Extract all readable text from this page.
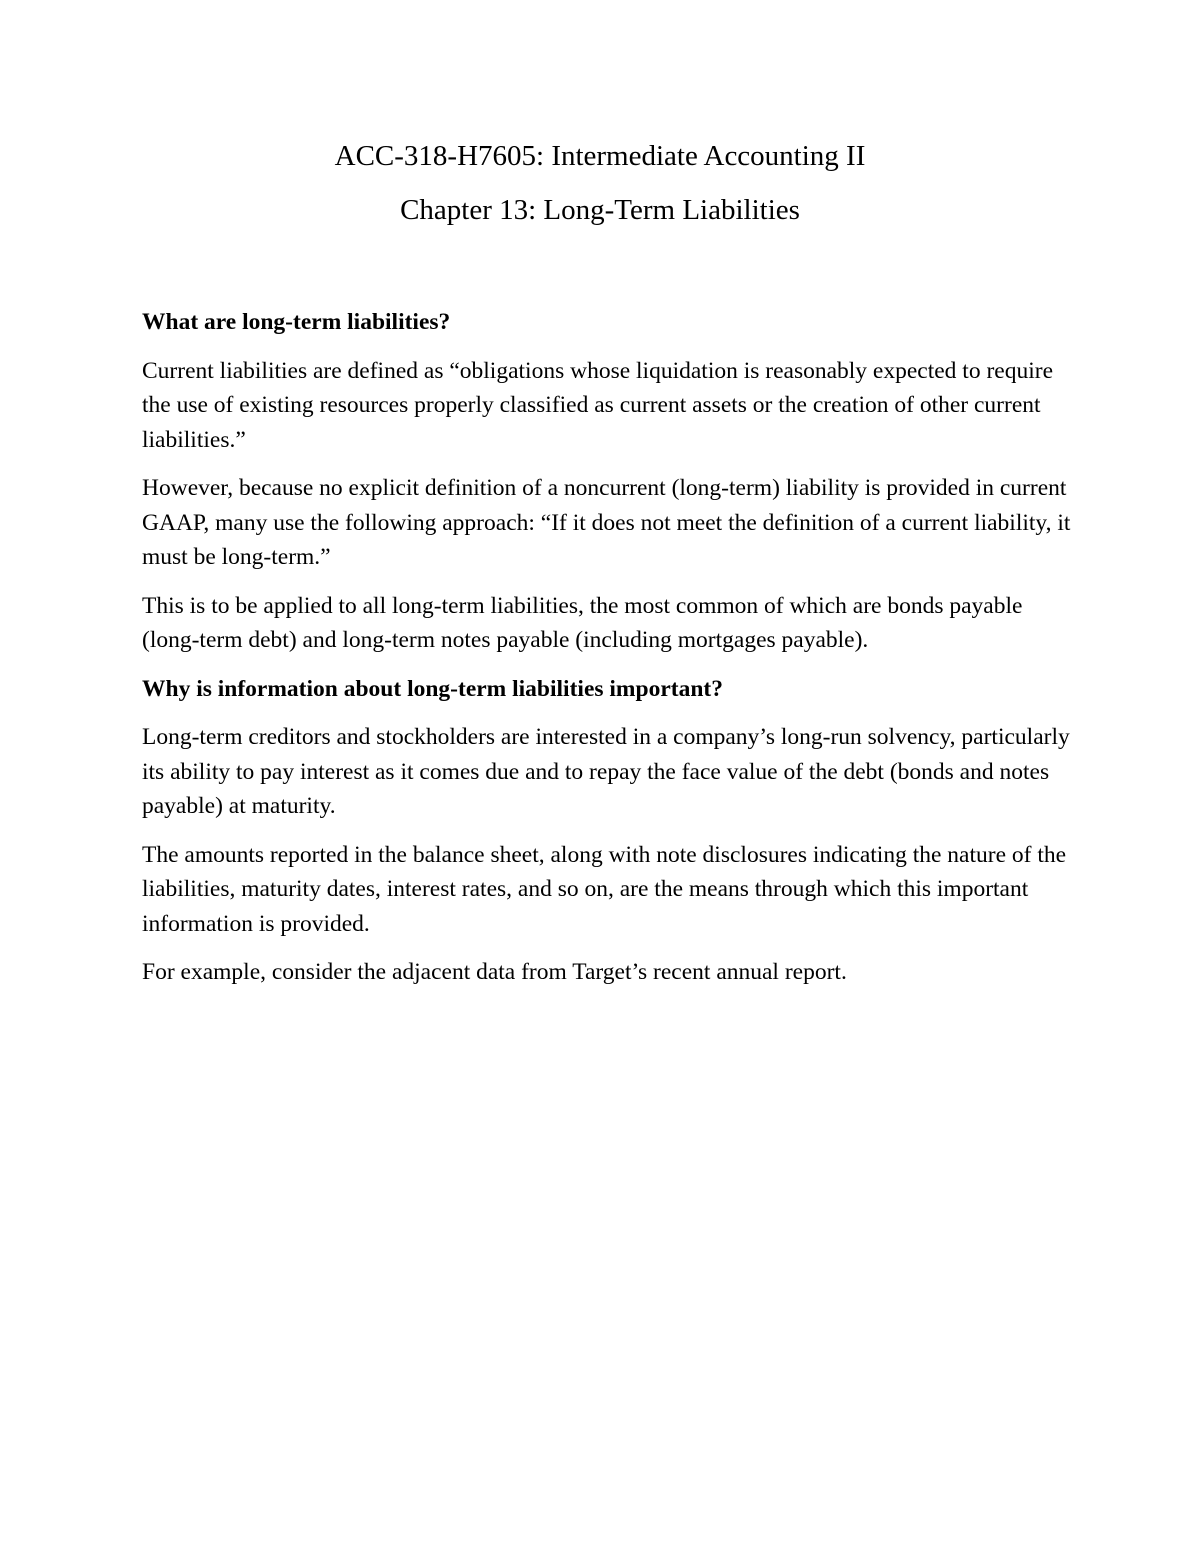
ACC-318-H7605: Intermediate Accounting II
Chapter 13: Long-Term Liabilities
What are long-term liabilities?

Current liabilities are defined as “obligations whose liquidation is reasonably expected to require the use of existing resources properly classified as current assets or the creation of other current liabilities.”

However, because no explicit definition of a noncurrent (long-term) liability is provided in current GAAP, many use the following approach: “If it does not meet the definition of a current liability, it must be long-term.”

This is to be applied to all long-term liabilities, the most common of which are bonds payable (long-term debt) and long-term notes payable (including mortgages payable).

Why is information about long-term liabilities important?

Long-term creditors and stockholders are interested in a company’s long-run solvency, particularly its ability to pay interest as it comes due and to repay the face value of the debt (bonds and notes payable) at maturity.

The amounts reported in the balance sheet, along with note disclosures indicating the nature of the liabilities, maturity dates, interest rates, and so on, are the means through which this important information is provided.

For example, consider the adjacent data from Target’s recent annual report.
